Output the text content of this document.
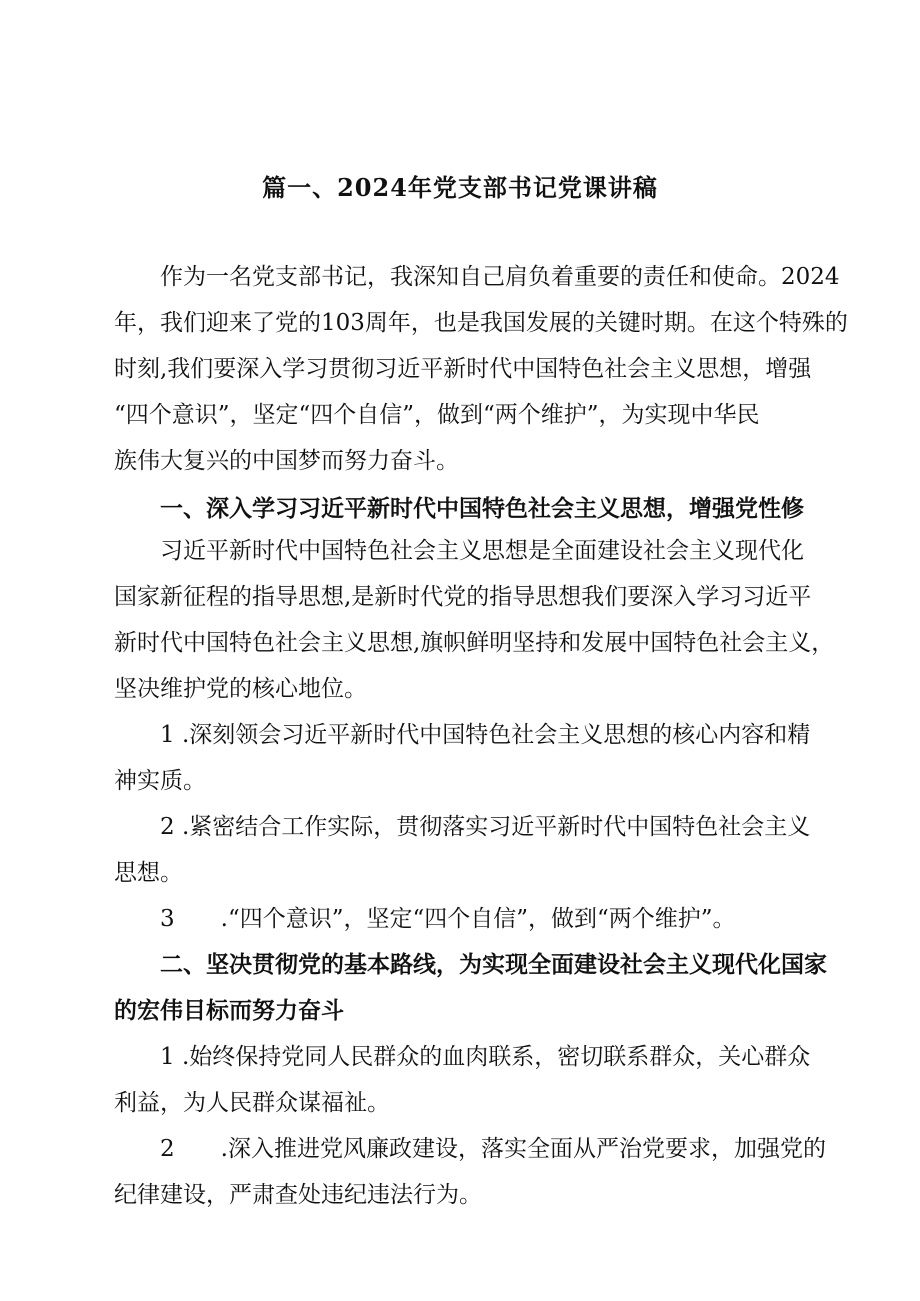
篇一、2024年党支部书记党课讲稿
　　作为一名党支部书记，我深知自己肩负着重要的责任和使命。2024
年，我们迎来了党的103周年，也是我国发展的关键时期。在这个特殊的
时刻,我们要深入学习贯彻习近平新时代中国特色社会主义思想，增强
“四个意识”，坚定“四个自信”，做到“两个维护”，为实现中华民
族伟大复兴的中国梦而努力奋斗。
　　一、深入学习习近平新时代中国特色社会主义思想，增强党性修
　　习近平新时代中国特色社会主义思想是全面建设社会主义现代化
国家新征程的指导思想,是新时代党的指导思想我们要深入学习习近平
新时代中国特色社会主义思想,旗帜鲜明坚持和发展中国特色社会主义，
坚决维护党的核心地位。
　　1 .深刻领会习近平新时代中国特色社会主义思想的核心内容和精
神实质。
　　2 .紧密结合工作实际，贯彻落实习近平新时代中国特色社会主义
思想。
　　3　　.“四个意识”，坚定“四个自信”，做到“两个维护”。
　　二、坚决贯彻党的基本路线，为实现全面建设社会主义现代化国家
的宏伟目标而努力奋斗
　　1 .始终保持党同人民群众的血肉联系，密切联系群众，关心群众
利益，为人民群众谋福祉。
　　2　　.深入推进党风廉政建设，落实全面从严治党要求，加强党的
纪律建设，严肃查处违纪违法行为。
